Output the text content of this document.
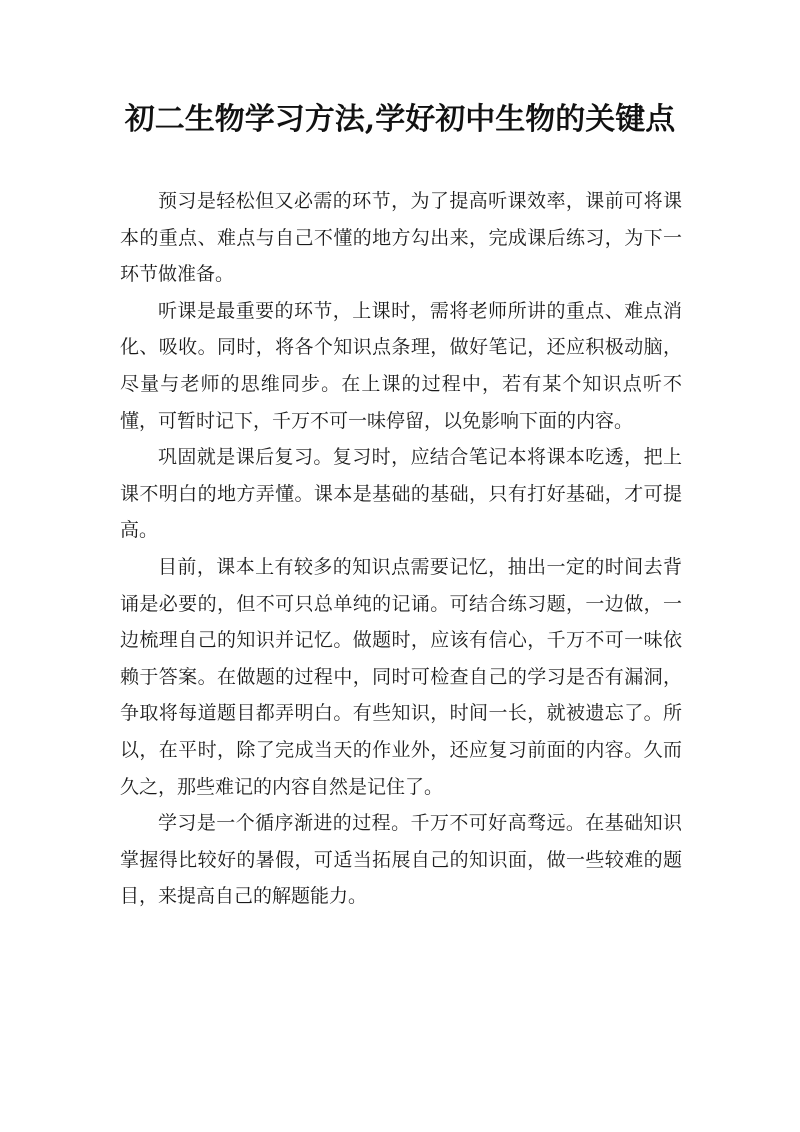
初二生物学习方法,学好初中生物的关键点

预习是轻松但又必需的环节，为了提高听课效率，课前可将课本的重点、难点与自己不懂的地方勾出来，完成课后练习，为下一环节做准备。

听课是最重要的环节，上课时，需将老师所讲的重点、难点消化、吸收。同时，将各个知识点条理，做好笔记，还应积极动脑，尽量与老师的思维同步。在上课的过程中，若有某个知识点听不懂，可暂时记下，千万不可一味停留，以免影响下面的内容。

巩固就是课后复习。复习时，应结合笔记本将课本吃透，把上课不明白的地方弄懂。课本是基础的基础，只有打好基础，才可提高。

目前，课本上有较多的知识点需要记忆，抽出一定的时间去背诵是必要的，但不可只总单纯的记诵。可结合练习题，一边做，一边梳理自己的知识并记忆。做题时，应该有信心，千万不可一味依赖于答案。在做题的过程中，同时可检查自己的学习是否有漏洞，争取将每道题目都弄明白。有些知识，时间一长，就被遗忘了。所以，在平时，除了完成当天的作业外，还应复习前面的内容。久而久之，那些难记的内容自然是记住了。

学习是一个循序渐进的过程。千万不可好高骛远。在基础知识掌握得比较好的暑假，可适当拓展自己的知识面，做一些较难的题目，来提高自己的解题能力。
